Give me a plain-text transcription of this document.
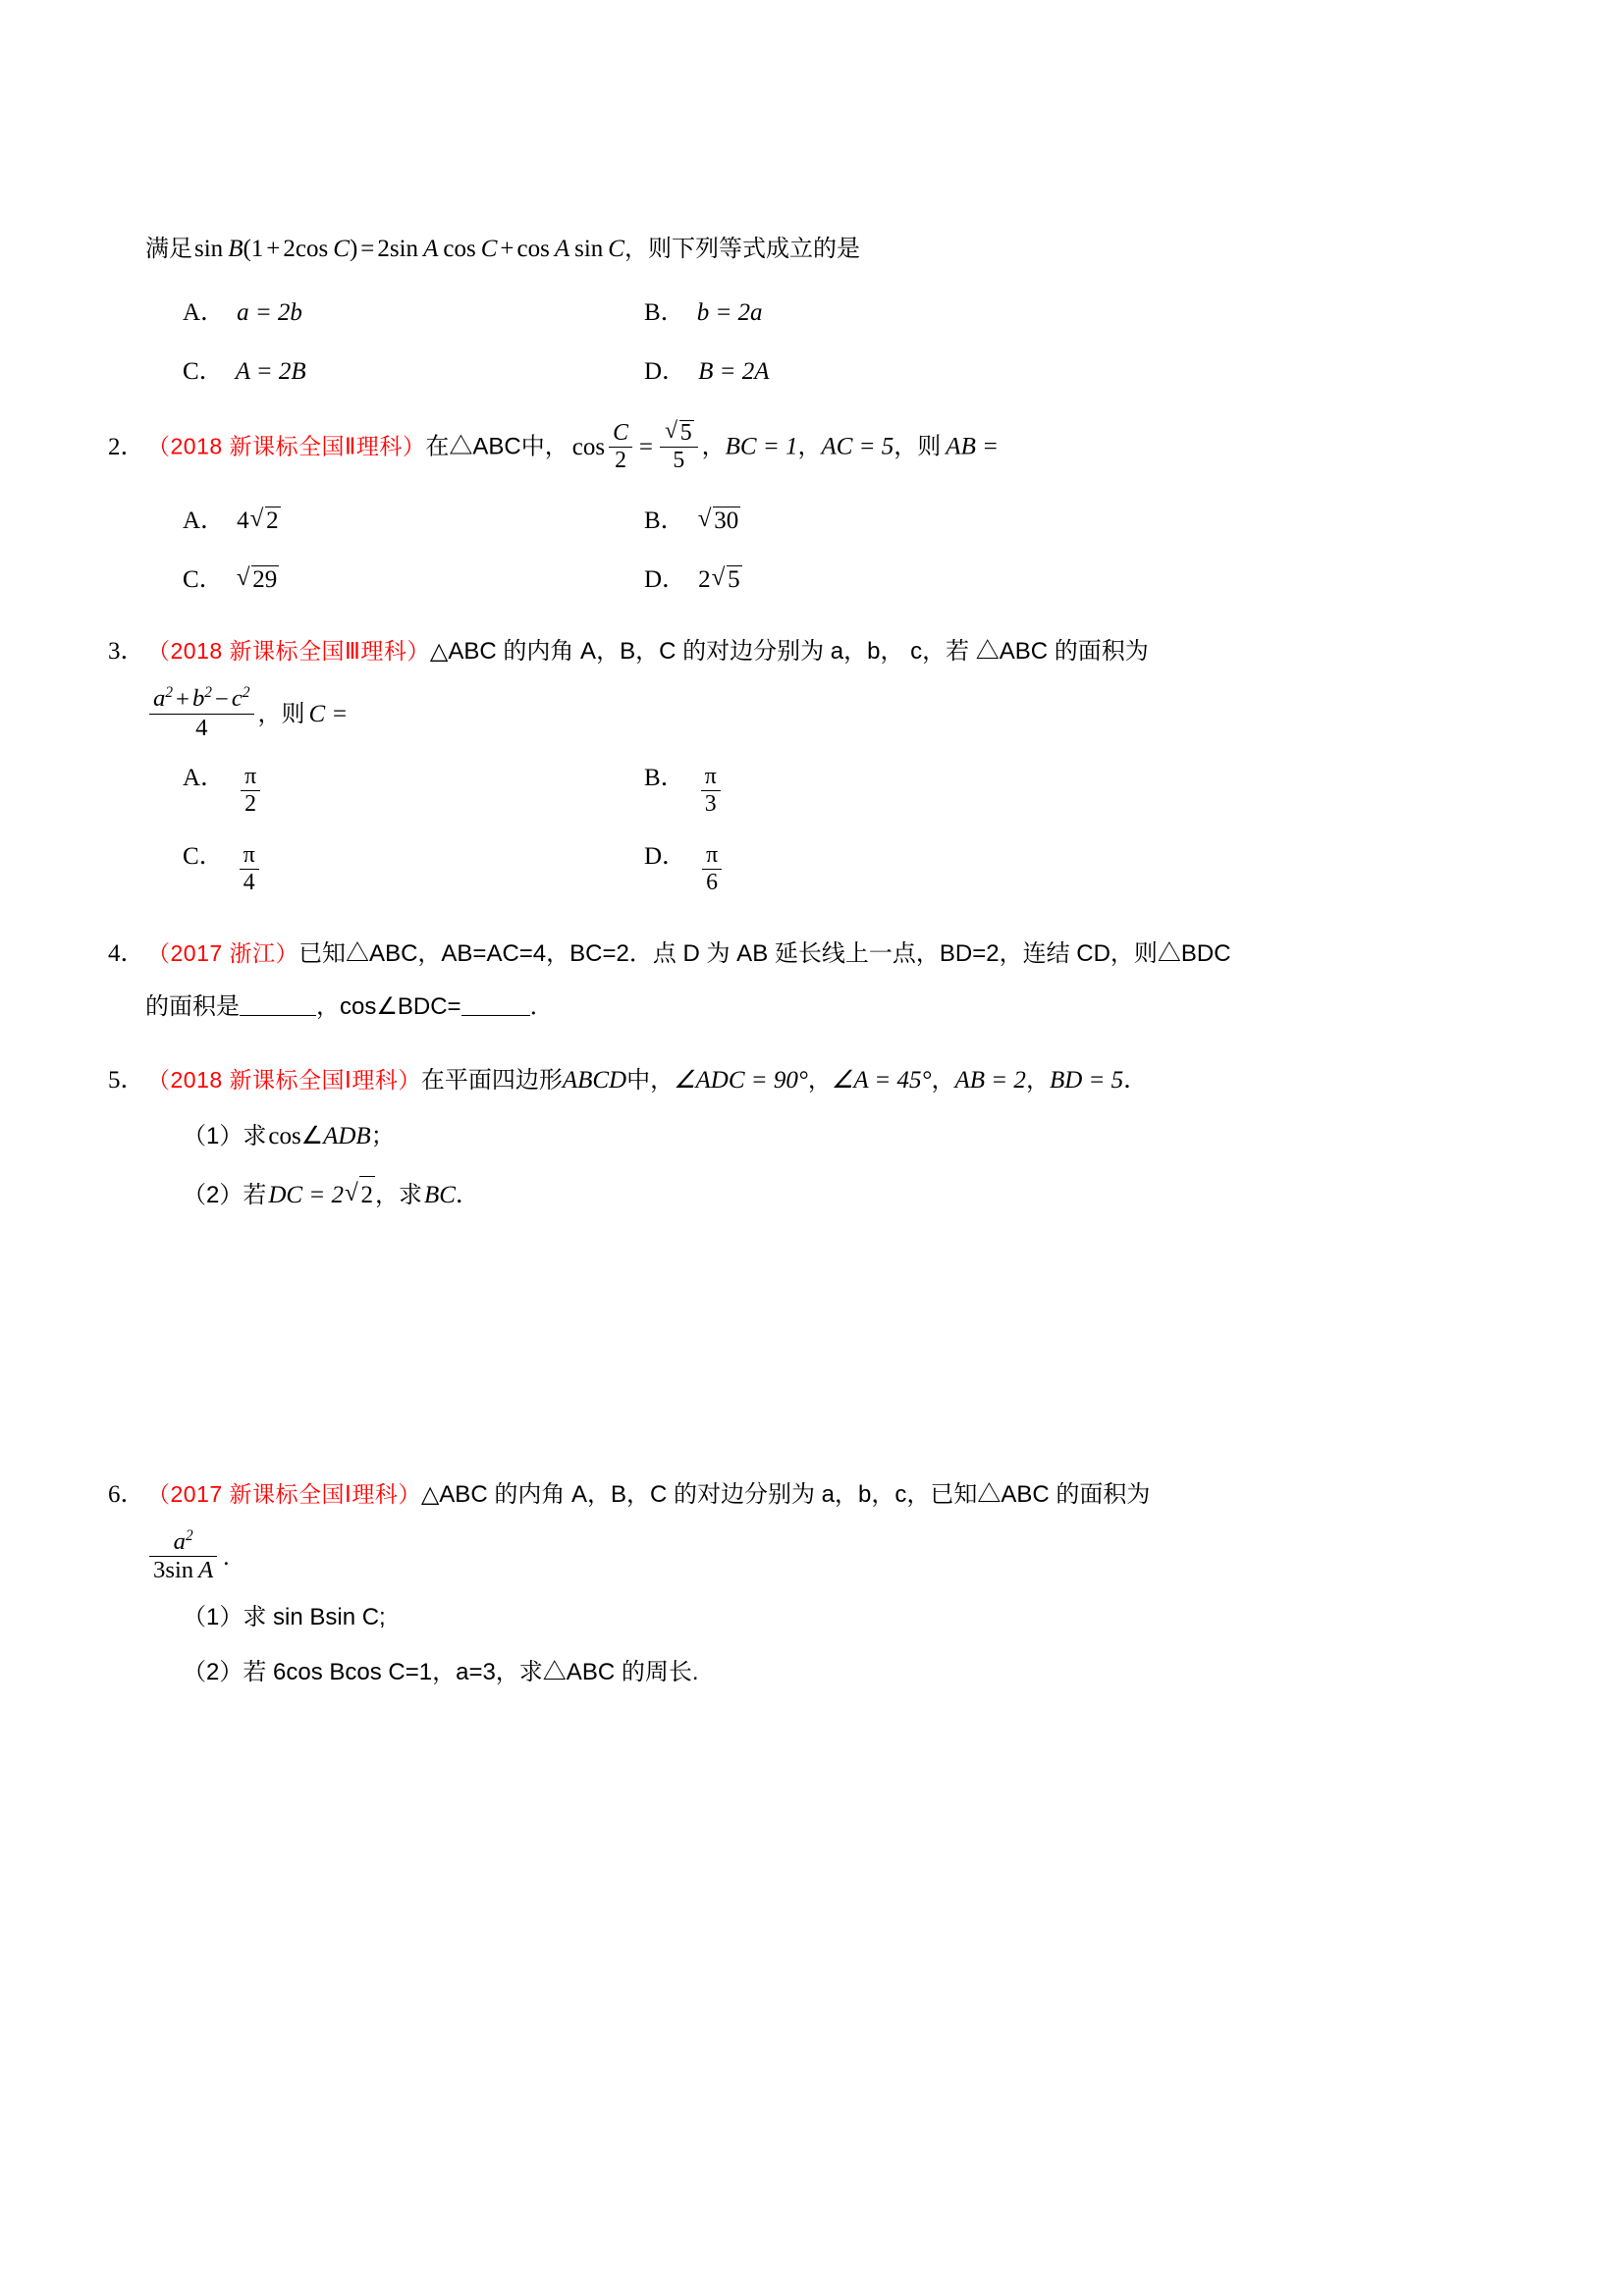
满足sin B(1 + 2cos C) = 2sin A cos C + cos A sin C，则下列等式成立的是
A． a = 2b	B． b = 2a
C． A = 2B	D． B = 2A
2． （2018 新课标全国Ⅱ理科）在△ABC中， $\cos \frac{C}{2}$ = √ $\frac{5}{5}$ ，BC = 1，AC = 5，则  AB =
A． 4 √ 2	B．	√ 30
C．	√ 29	D． 2 √ 5
3． （2018 新课标全国Ⅲ理科）△ABC 的内角 A，B，C 的对边分别为 a，b， c，若 △ABC 的面积为
$\frac{a^2 + b^2 - c^2}{4}$ ，则 C =
A． $\frac{\pi}{2}$	B． $\frac{\pi}{3}$
C． $\frac{\pi}{4}$	D． $\frac{\pi}{6}$
4． （2017 浙江）已知△ABC，AB=AC=4，BC=2．点 D 为 AB 延长线上一点，BD=2，连结 CD，则△BDC
的面积是	，cos∠BDC=	．
5． （2018 新课标全国Ⅰ理科）在平面四边形ABCD中，∠ADC = 90°，∠A = 45°，AB = 2，BD = 5．
（1）求cos∠ADB；
（2）若DC = 2 √ 2，求BC．
6． （2017 新课标全国Ⅰ理科）△ABC 的内角 A，B，C 的对边分别为 a，b，c，已知△ABC 的面积为
$\frac{a^2}{\text{3sin A}}$ .
（1）求 sin Bsin C;
（2）若 6cos Bcos C=1，a=3，求△ABC 的周长.
